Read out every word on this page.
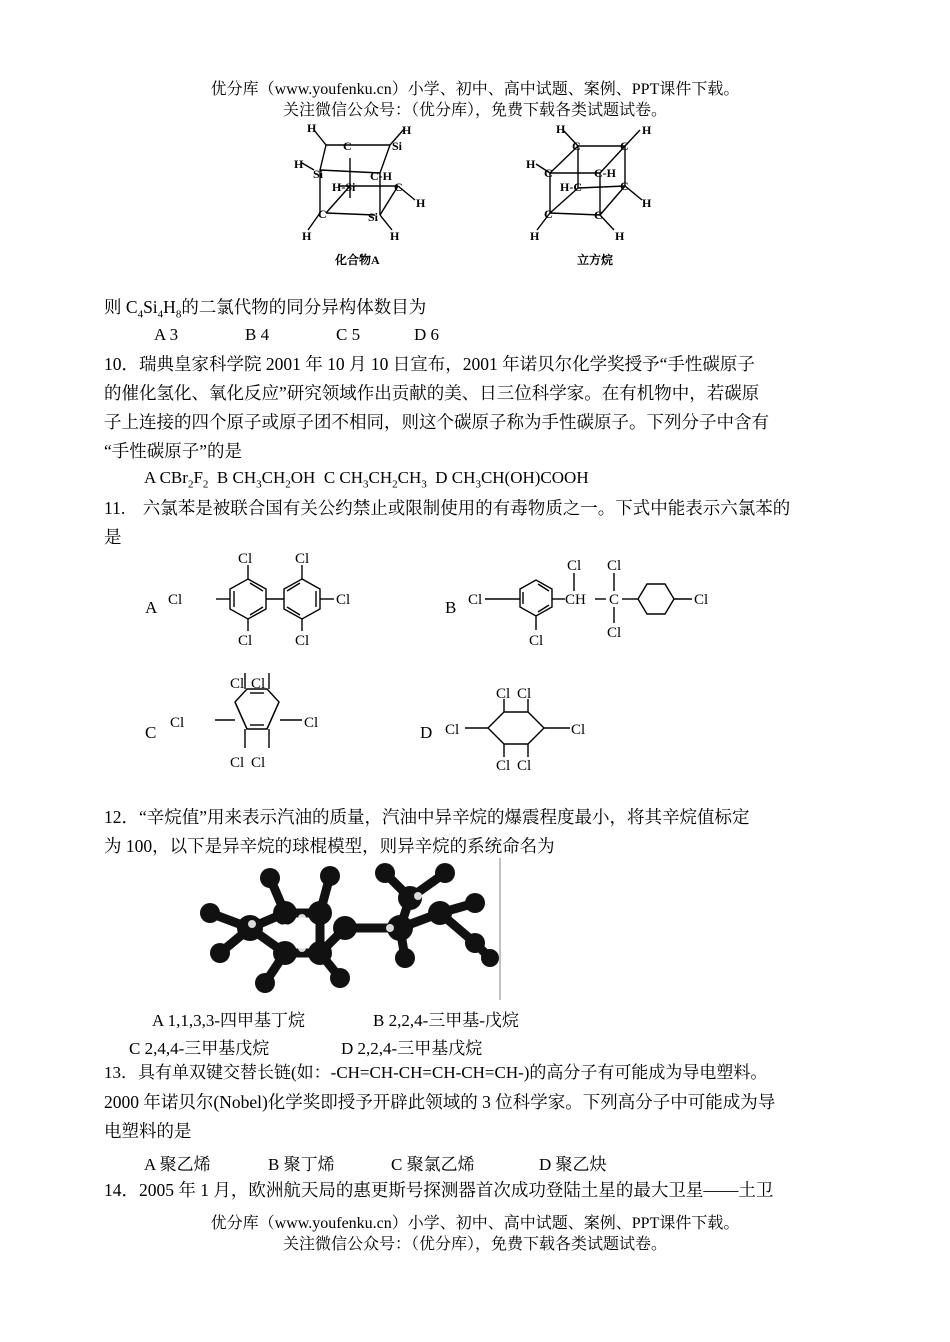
优分库（www.youfenku.cn）小学、初中、高中试题、案例、PPT课件下载。
关注微信公众号：（优分库），免费下载各类试题试卷。
H
C	Si
H
H
Si	C-H
H-Si	C
H
C	Si
H	H
化合物A
H
C	C
H
H
C	C-H
H-C	C
H
C	C
H	H
立方烷
则 $C_4Si_4H_8$的二氯代物的同分异构体数目为
A 3	B 4	C 5	D 6
10．瑞典皇家科学院 2001 年 10 月 10 日宣布，2001 年诺贝尔化学奖授予“手性碳原子
的催化氢化、氧化反应”研究领域作出贡献的美、日三位科学家。在有机物中，若碳原
子上连接的四个原子或原子团不相同，则这个碳原子称为手性碳原子。下列分子中含有
“手性碳原子”的是
A $CBr_2F_2$ B $CH_3CH_2OH$ C $CH_3CH_2CH_3$ D $CH_3CH(OH)COOH$
11.　六氯苯是被联合国有关公约禁止或限制使用的有毒物质之一。下式中能表示六氯苯的
是
A
Cl	Cl
Cl	Cl
Cl	Cl
B Cl	CH C
Cl Cl
Cl
Cl
Cl
C
Cl Cl
Cl	Cl
Cl Cl
D
Cl Cl
Cl	Cl
Cl Cl
12．“辛烷值”用来表示汽油的质量，汽油中异辛烷的爆震程度最小，将其辛烷值标定
为 100，以下是异辛烷的球棍模型，则异辛烷的系统命名为
A 1,1,3,3-四甲基丁烷	B 2,2,4-三甲基-戊烷
C 2,4,4-三甲基戊烷	D 2,2,4-三甲基戊烷
13．具有单双键交替长链(如：-CH=CH-CH=CH-CH=CH-)的高分子有可能成为导电塑料。
2000 年诺贝尔(Nobel)化学奖即授予开辟此领域的 3 位科学家。下列高分子中可能成为导
电塑料的是
A 聚乙烯	B 聚丁烯	C 聚氯乙烯	D 聚乙炔
14．2005 年 1 月，欧洲航天局的惠更斯号探测器首次成功登陆土星的最大卫星——土卫
优分库（www.youfenku.cn）小学、初中、高中试题、案例、PPT课件下载。
关注微信公众号：（优分库），免费下载各类试题试卷。
